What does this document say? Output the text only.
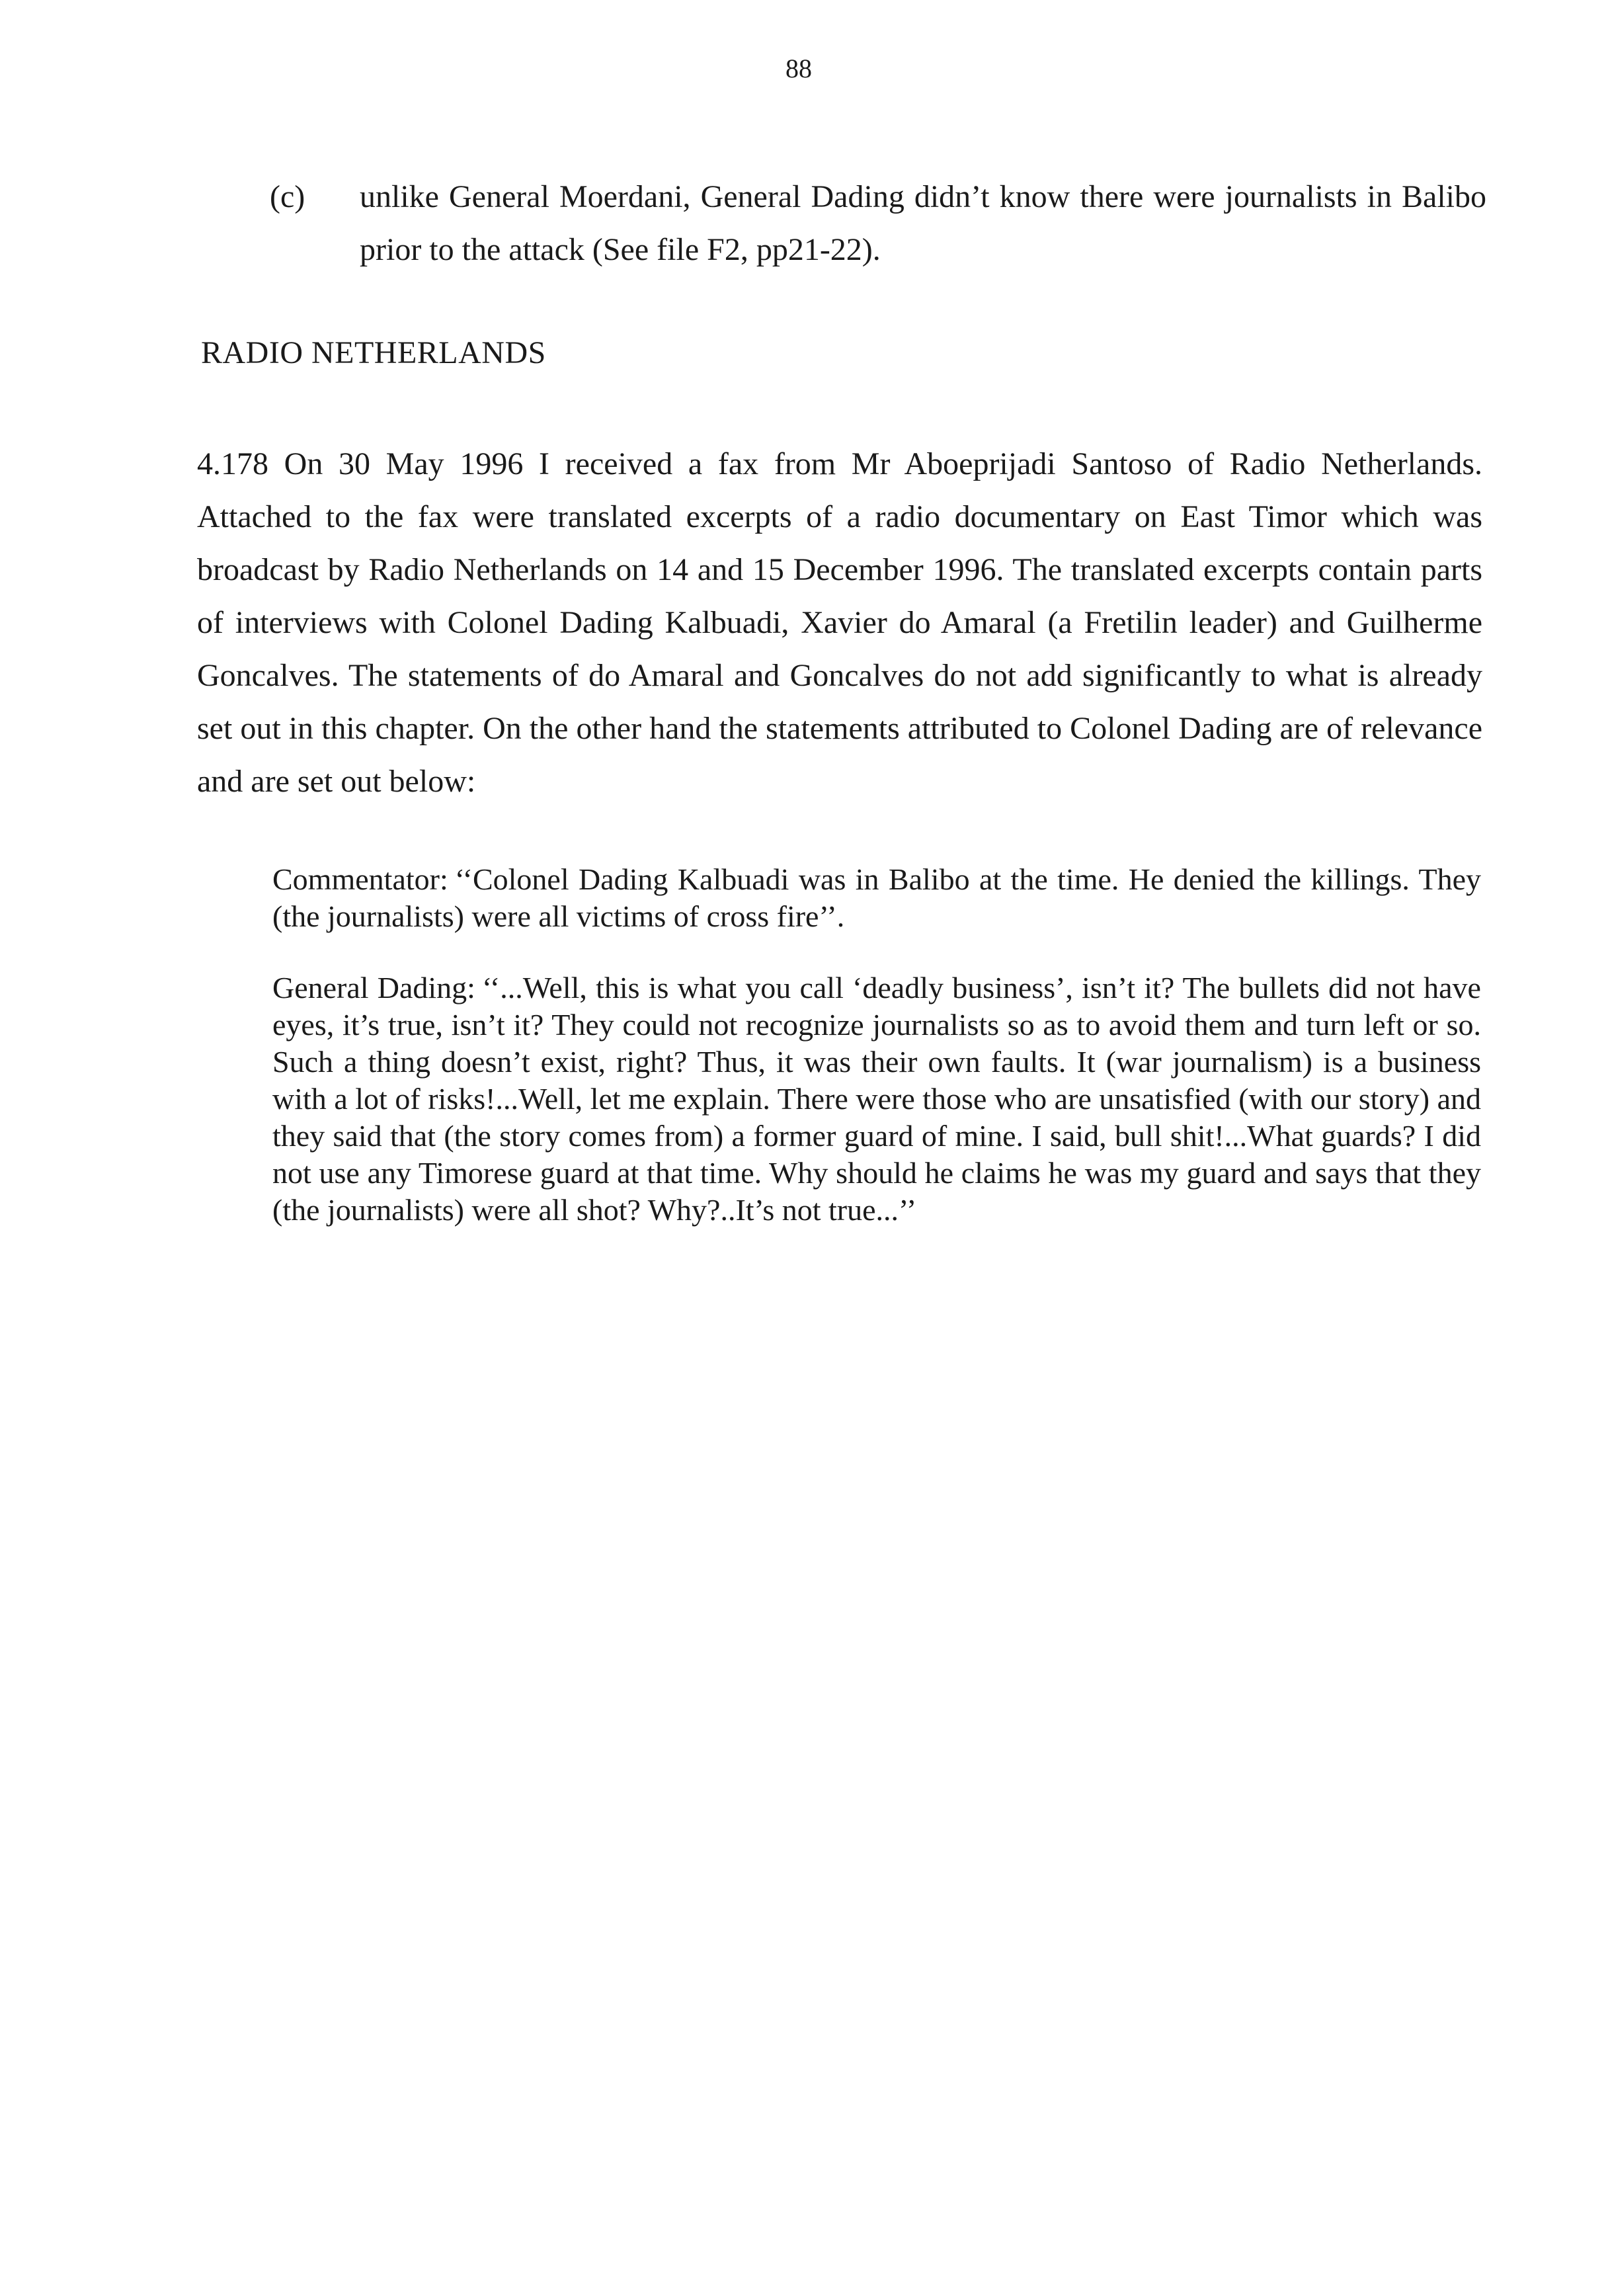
88
(c) unlike General Moerdani, General Dading didn’t know there were journalists in Balibo prior to the attack (See file F2, pp21-22).
RADIO NETHERLANDS
4.178 On 30 May 1996 I received a fax from Mr Aboeprijadi Santoso of Radio Netherlands. Attached to the fax were translated excerpts of a radio documentary on East Timor which was broadcast by Radio Netherlands on 14 and 15 December 1996. The translated excerpts contain parts of interviews with Colonel Dading Kalbuadi, Xavier do Amaral (a Fretilin leader) and Guilherme Goncalves. The statements of do Amaral and Goncalves do not add significantly to what is already set out in this chapter. On the other hand the statements attributed to Colonel Dading are of relevance and are set out below:

Commentator: ‘‘Colonel Dading Kalbuadi was in Balibo at the time. He denied the killings. They (the journalists) were all victims of cross fire’’.

General Dading: ‘‘...Well, this is what you call ‘deadly business’, isn’t it? The bullets did not have eyes, it’s true, isn’t it? They could not recognize journalists so as to avoid them and turn left or so. Such a thing doesn’t exist, right? Thus, it was their own faults. It (war journalism) is a business with a lot of risks!...Well, let me explain. There were those who are unsatisfied (with our story) and they said that (the story comes from) a former guard of mine. I said, bull shit!...What guards? I did not use any Timorese guard at that time. Why should he claims he was my guard and says that they (the journalists) were all shot? Why?..It’s not true...’’
